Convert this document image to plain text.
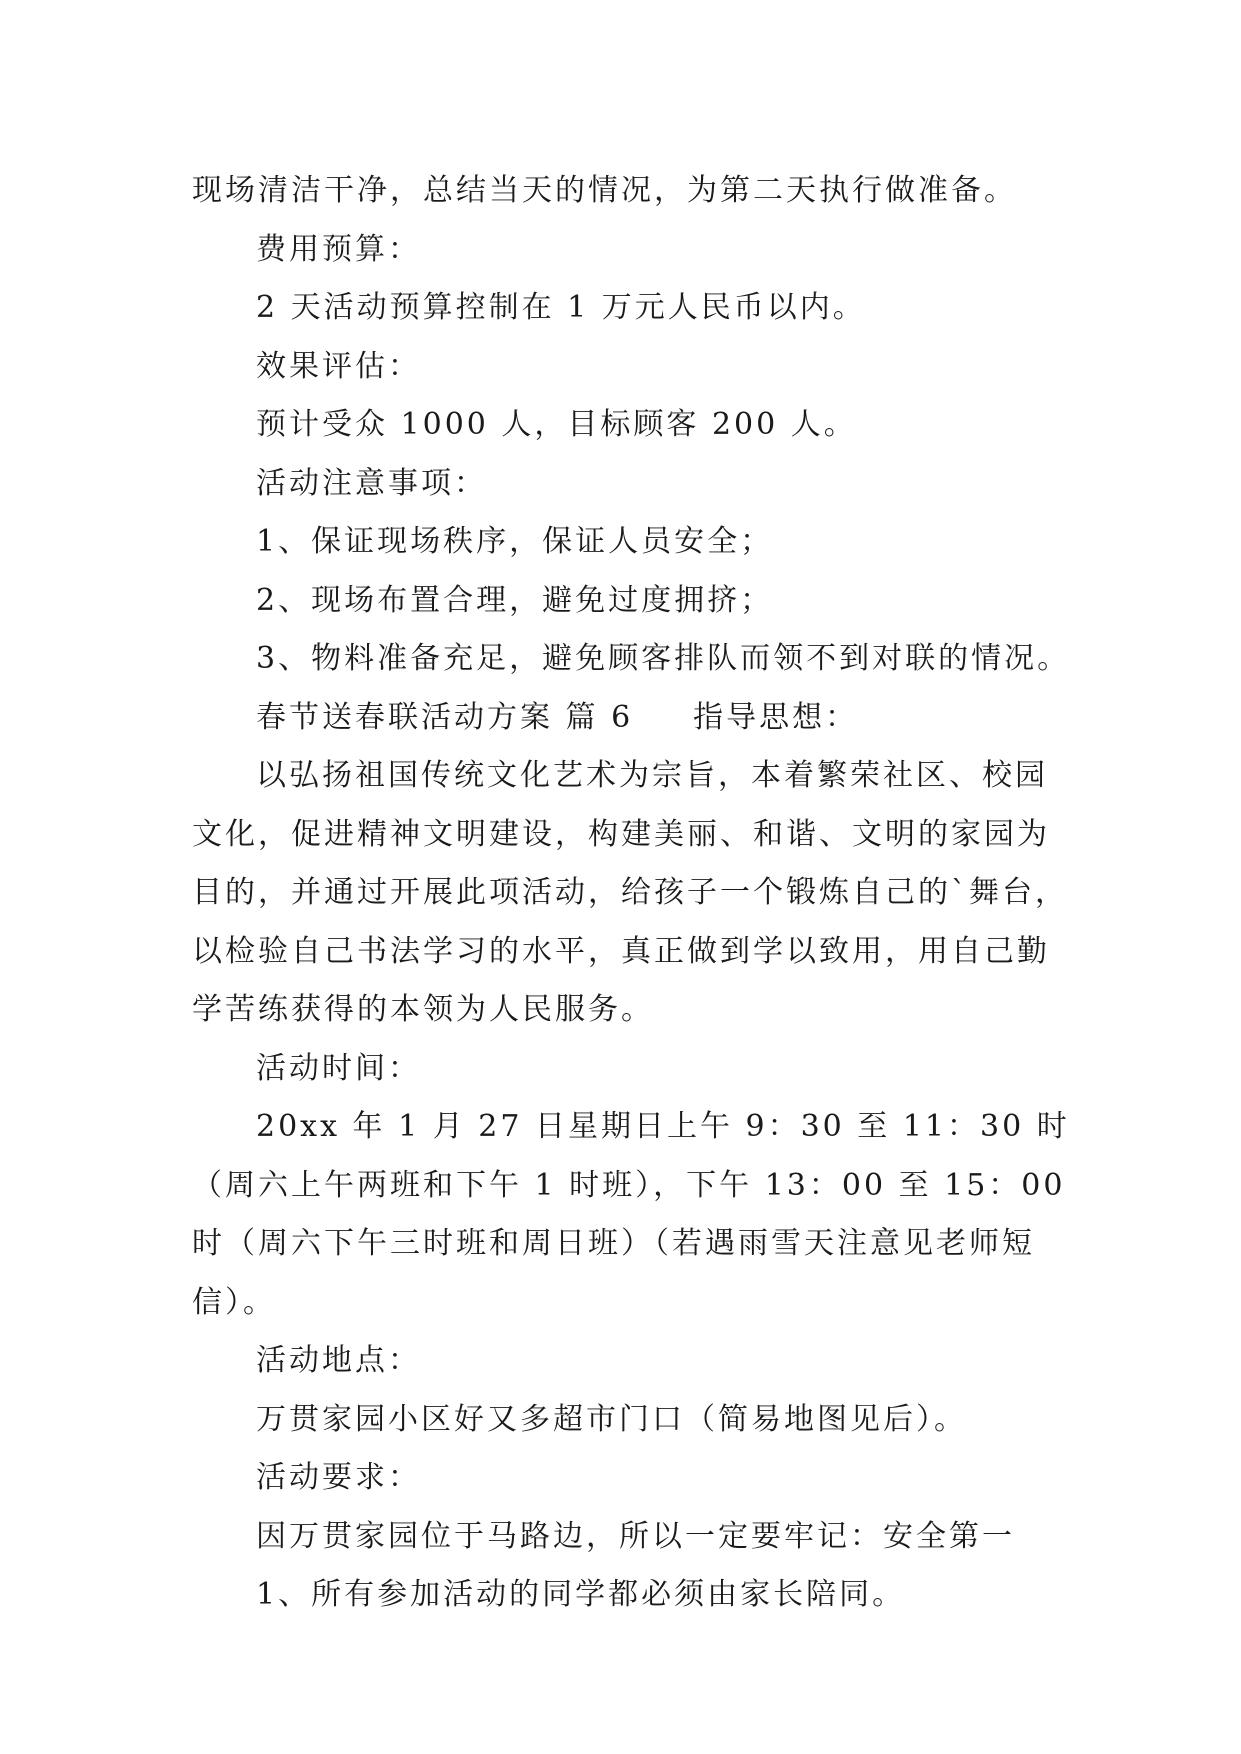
现场清洁干净，总结当天的情况，为第二天执行做准备。

费用预算：

2 天活动预算控制在 1 万元人民币以内。

效果评估：

预计受众 1000 人，目标顾客 200 人。

活动注意事项：

1、保证现场秩序，保证人员安全；

2、现场布置合理，避免过度拥挤；

3、物料准备充足，避免顾客排队而领不到对联的情况。

春节送春联活动方案 篇 6 指导思想：

以弘扬祖国传统文化艺术为宗旨，本着繁荣社区、校园文化，促进精神文明建设，构建美丽、和谐、文明的家园为目的，并通过开展此项活动，给孩子一个锻炼自己的`舞台，以检验自己书法学习的水平，真正做到学以致用，用自己勤学苦练获得的本领为人民服务。

活动时间：

20xx 年 1 月 27 日星期日上午 9：30 至 11：30 时（周六上午两班和下午 1 时班），下午 13：00 至 15：00 时（周六下午三时班和周日班）（若遇雨雪天注意见老师短信）。

活动地点：

万贯家园小区好又多超市门口（简易地图见后）。

活动要求：

因万贯家园位于马路边，所以一定要牢记：安全第一

1、所有参加活动的同学都必须由家长陪同。
